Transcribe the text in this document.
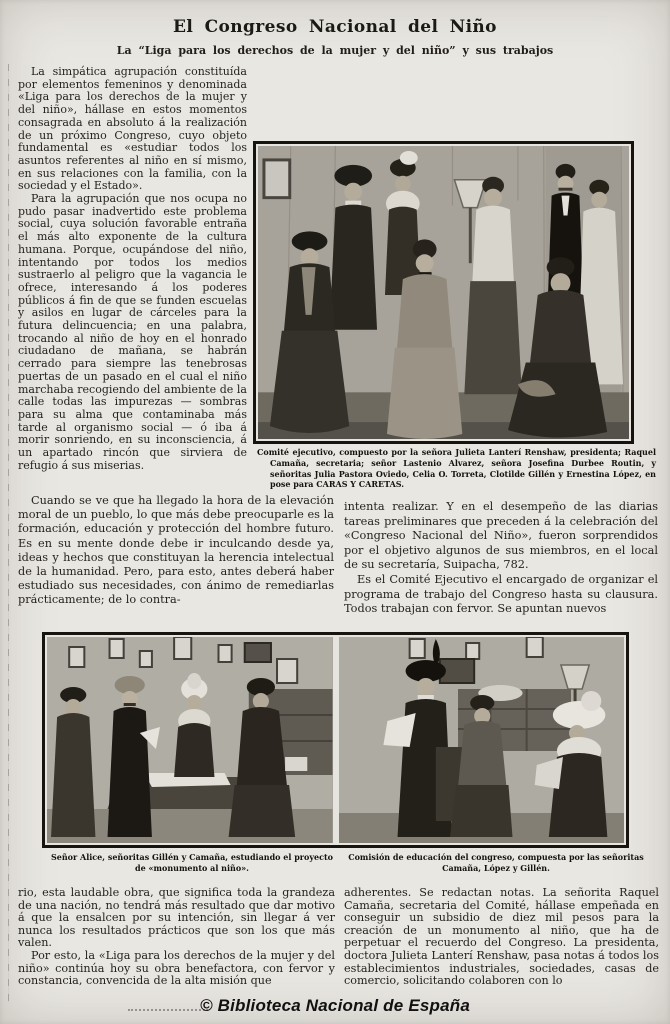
El Congreso Nacional del Niño
La “Liga para los derechos de la mujer y del niño” y sus trabajos

La simpática agrupación constituída por elementos femeninos y denominada «Liga para los derechos de la mujer y del niño», hállase en estos momentos consagrada en absoluto á la realización de un próximo Congreso, cuyo objeto fundamental es «estudiar todos los asuntos referentes al niño en sí mismo, en sus relaciones con la familia, con la sociedad y el Estado».

Para la agrupación que nos ocupa no pudo pasar inadvertido este problema social, cuya solución favorable entraña el más alto exponente de la cultura humana. Porque, ocupándose del niño, intentando por todos los medios sustraerlo al peligro que la vagancia le ofrece, interesando á los poderes públicos á fin de que se funden escuelas y asilos en lugar de cárceles para la futura delincuencia; en una palabra, trocando al niño de hoy en el honrado ciudadano de mañana, se habrán cerrado para siempre las tenebrosas puertas de un pasado en el cual el niño marchaba recogiendo del ambiente de la calle todas las impurezas — sombras para su alma que contaminaba más tarde al organismo social — ó iba á morir sonriendo, en su inconsciencia, á un apartado rincón que sirviera de refugio á sus miserias.

Comité ejecutivo, compuesto por la señora Julieta Lanterí Renshaw, presidenta; Raquel Camaña, secretaria; señor Lastenio Alvarez, señora Josefina Durbee Routin, y señoritas Julia Pastora Oviedo, Celia O. Torreta, Clotilde Gillén y Ernestina López, en pose para CARAS Y CARETAS.

Cuando se ve que ha llegado la hora de la elevación moral de un pueblo, lo que más debe preocuparle es la formación, educación y protección del hombre futuro. Es en su mente donde debe ir inculcando desde ya, ideas y hechos que constituyan la herencia intelectual de la humanidad. Pero, para esto, antes deberá haber estudiado sus necesidades, con ánimo de remediarlas prácticamente; de lo contra-

intenta realizar. Y en el desempeño de las diarias tareas preliminares que preceden á la celebración del «Congreso Nacional del Niño», fueron sorprendidos por el objetivo algunos de sus miembros, en el local de su secretaría, Suipacha, 782.

Es el Comité Ejecutivo el encargado de organizar el programa de trabajo del Congreso hasta su clausura. Todos trabajan con fervor. Se apuntan nuevos

Señor Alice, señoritas Gillén y Camaña, estudiando el proyecto de «monumento al niño».
Comisión de educación del congreso, compuesta por las señoritas Camaña, López y Gillén.

rio, esta laudable obra, que significa toda la grandeza de una nación, no tendrá más resultado que dar motivo á que la ensalcen por su intención, sin llegar á ver nunca los resultados prácticos que son los que más valen.

Por esto, la «Liga para los derechos de la mujer y del niño» continúa hoy su obra benefactora, con fervor y constancia, convencida de la alta misión que

adherentes. Se redactan notas. La señorita Raquel Camaña, secretaria del Comité, hállase empeñada en conseguir un subsidio de diez mil pesos para la creación de un monumento al niño, que ha de perpetuar el recuerdo del Congreso. La presidenta, doctora Julieta Lanterí Renshaw, pasa notas á todos los establecimientos industriales, sociedades, casas de comercio, solicitando colaboren con lo

© Biblioteca Nacional de España
